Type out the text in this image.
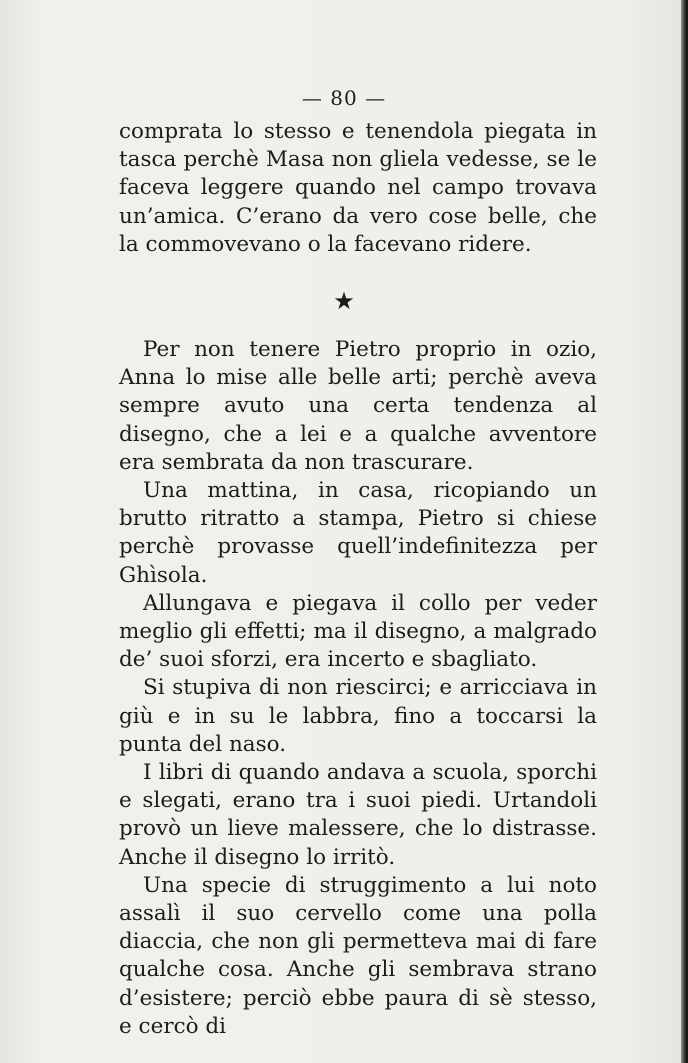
— 80 —

comprata lo stesso e tenendola piegata in tasca perchè Masa non gliela vedesse, se le faceva leggere quando nel campo trovava un’amica. C’erano da vero cose belle, che la commovevano o la facevano ridere.

★

Per non tenere Pietro proprio in ozio, Anna lo mise alle belle arti; perchè aveva sempre avuto una certa tendenza al disegno, che a lei e a qualche avventore era sembrata da non trascurare.

Una mattina, in casa, ricopiando un brutto ritratto a stampa, Pietro si chiese perchè provasse quell’indefinitezza per Ghìsola.

Allungava e piegava il collo per veder meglio gli effetti; ma il disegno, a malgrado de’ suoi sforzi, era incerto e sbagliato.

Si stupiva di non riescirci; e arricciava in giù e in su le labbra, fino a toccarsi la punta del naso.

I libri di quando andava a scuola, sporchi e slegati, erano tra i suoi piedi. Urtandoli provò un lieve malessere, che lo distrasse. Anche il disegno lo irritò.

Una specie di struggimento a lui noto assalì il suo cervello come una polla diaccia, che non gli permetteva mai di fare qualche cosa. Anche gli sembrava strano d’esistere; perciò ebbe paura di sè stesso, e cercò di
